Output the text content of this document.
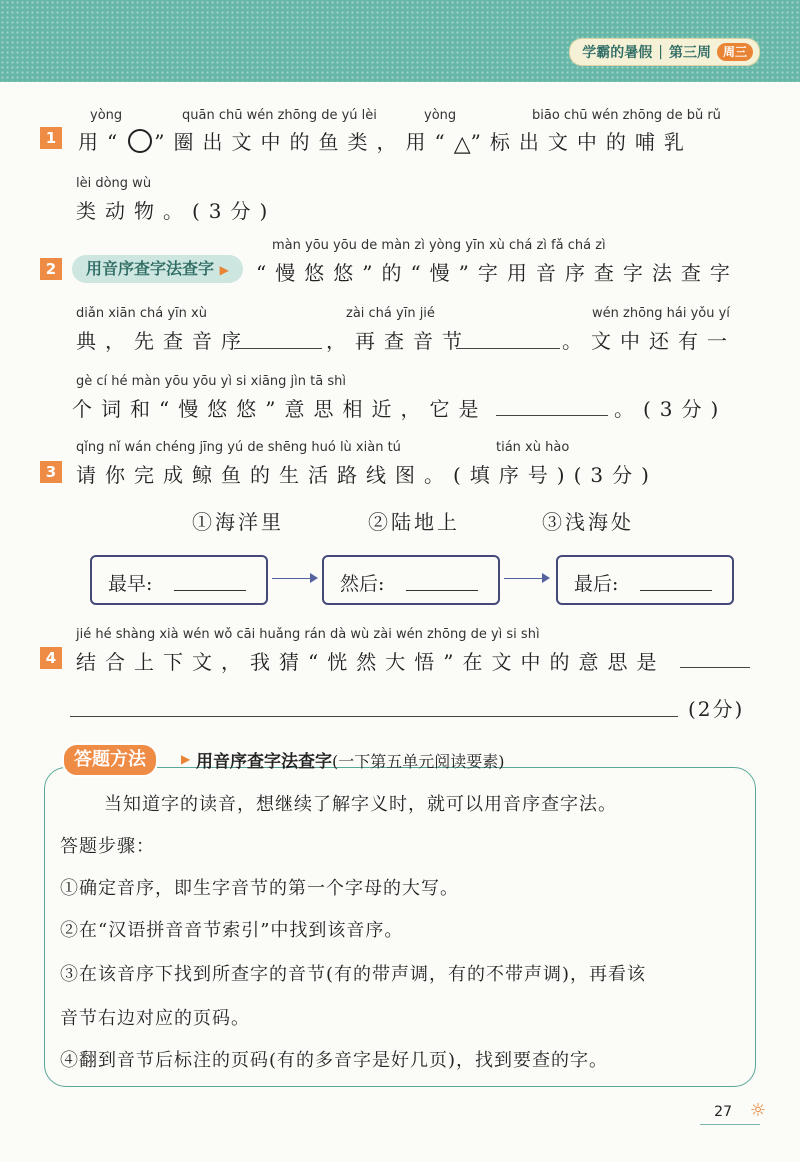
学霸的暑假 | 第三周	周三
yòng	quān chū wén zhōng de yú lèi	yòng	biāo chū wén zhōng de bǔ rǔ
1 用“ ○ ”圈出文中的鱼类，用“△”标出文中的哺乳
lèi dòng wù
类动物。(3分)
màn yōu yōu de màn zì yòng yīn xù chá zì fǎ chá zì
2	用音序查字法查字 ▶	“慢悠悠”的“慢”字用音序查字法查字
diǎn xiān chá yīn xù	zài chá yīn jié	wén zhōng hái yǒu yí
典，先查音序	，再查音节	。文中还有一
gè cí hé màn yōu yōu yì si xiāng jìn tā shì
个词和“慢悠悠”意思相近，它是	。(3分)
qǐng nǐ wán chéng jīng yú de shēng huó lù xiàn tú	tián xù hào
3 请你完成鲸鱼的生活路线图。(填序号)(3分)
①海洋里	②陆地上	③浅海处
最早:	然后:	最后:
jié hé shàng xià wén wǒ cāi huǎng rán dà wù zài wén zhōng de yì si shì
4 结合上下文，我猜“恍然大悟”在文中的意思是
(2分)
答题方法	▶ 用音序查字法查字(一下第五单元阅读要素)
当知道字的读音，想继续了解字义时，就可以用音序查字法。
答题步骤：
①确定音序，即生字音节的第一个字母的大写。
②在“汉语拼音音节索引”中找到该音序。
③在该音序下找到所查字的音节(有的带声调，有的不带声调)，再看该
音节右边对应的页码。
④翻到音节后标注的页码(有的多音字是好几页)，找到要查的字。
27 ☼
